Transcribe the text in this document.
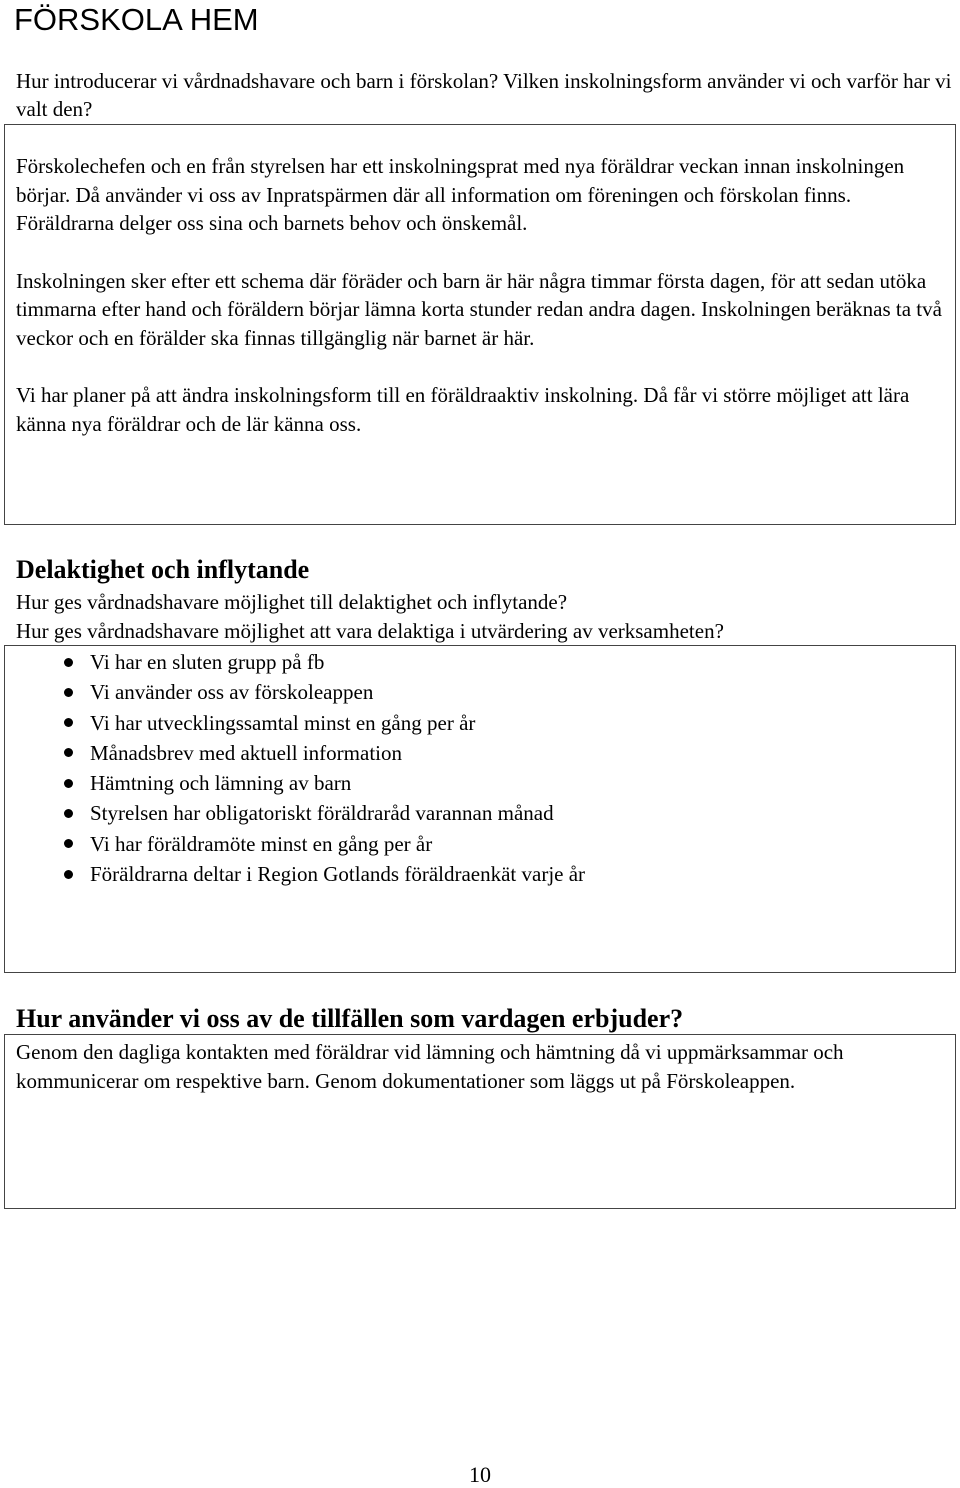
FÖRSKOLA HEM
Hur introducerar vi vårdnadshavare och barn i förskolan? Vilken inskolningsform använder vi och varför har vi valt den?

Förskolechefen och en från styrelsen har ett inskolningsprat med nya föräldrar veckan innan inskolningen börjar. Då använder vi oss av Inpratspärmen där all information om föreningen och förskolan finns. Föräldrarna delger oss sina och barnets behov och önskemål.

Inskolningen sker efter ett schema där föräder och barn är här några timmar första dagen, för att sedan utöka timmarna efter hand och föräldern börjar lämna korta stunder redan andra dagen. Inskolningen beräknas ta två veckor och en förälder ska finnas tillgänglig när barnet är här.

Vi har planer på att ändra inskolningsform till en föräldraaktiv inskolning. Då får vi större möjliget att lära känna nya föräldrar och de lär känna oss.

Delaktighet och inflytande
Hur ges vårdnadshavare möjlighet till delaktighet och inflytande?
Hur ges vårdnadshavare möjlighet att vara delaktiga i utvärdering av verksamheten?
Vi har en sluten grupp på fb
Vi använder oss av förskoleappen
Vi har utvecklingssamtal minst en gång per år
Månadsbrev med aktuell information
Hämtning och lämning av barn
Styrelsen har obligatoriskt föräldraråd varannan månad
Vi har föräldramöte minst en gång per år
Föräldrarna deltar i Region Gotlands föräldraenkät varje år
Hur använder vi oss av de tillfällen som vardagen erbjuder?
Genom den dagliga kontakten med föräldrar vid lämning och hämtning då vi uppmärksammar och kommunicerar om respektive barn. Genom dokumentationer som läggs ut på Förskoleappen.
10
